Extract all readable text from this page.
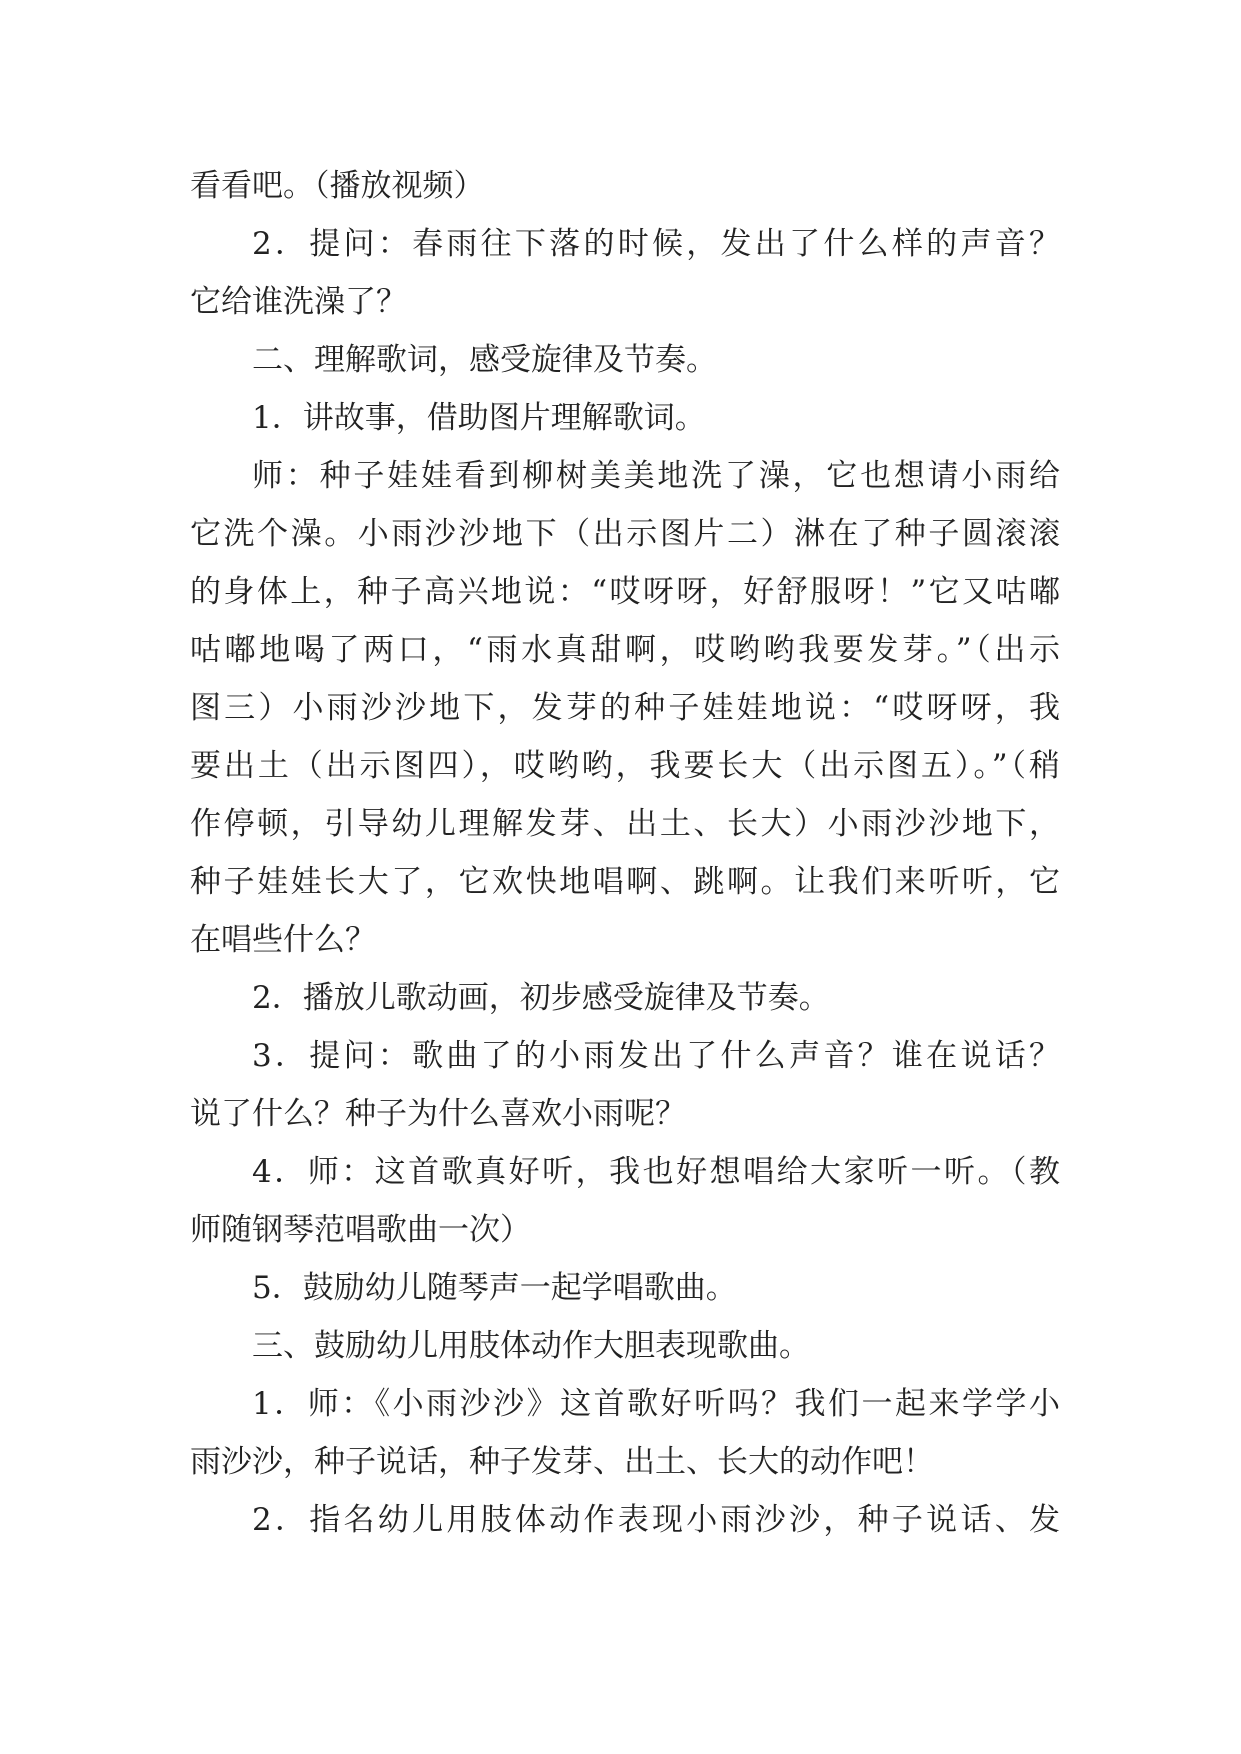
看看吧。（播放视频）
2．提问：春雨往下落的时候，发出了什么样的声音？
它给谁洗澡了？
二、理解歌词，感受旋律及节奏。
1．讲故事，借助图片理解歌词。
师：种子娃娃看到柳树美美地洗了澡，它也想请小雨给
它洗个澡。小雨沙沙地下（出示图片二）淋在了种子圆滚滚
的身体上，种子高兴地说：“哎呀呀，好舒服呀！”它又咕嘟
咕嘟地喝了两口，“雨水真甜啊，哎哟哟我要发芽。”（出示
图三）小雨沙沙地下，发芽的种子娃娃地说：“哎呀呀，我
要出土（出示图四），哎哟哟，我要长大（出示图五）。”（稍
作停顿，引导幼儿理解发芽、出土、长大）小雨沙沙地下，
种子娃娃长大了，它欢快地唱啊、跳啊。让我们来听听，它
在唱些什么？
2．播放儿歌动画，初步感受旋律及节奏。
3．提问：歌曲了的小雨发出了什么声音？谁在说话？
说了什么？种子为什么喜欢小雨呢？
4．师：这首歌真好听，我也好想唱给大家听一听。（教
师随钢琴范唱歌曲一次）
5．鼓励幼儿随琴声一起学唱歌曲。
三、鼓励幼儿用肢体动作大胆表现歌曲。
1．师：《小雨沙沙》这首歌好听吗？我们一起来学学小
雨沙沙，种子说话，种子发芽、出土、长大的动作吧！
2．指名幼儿用肢体动作表现小雨沙沙，种子说话、发
